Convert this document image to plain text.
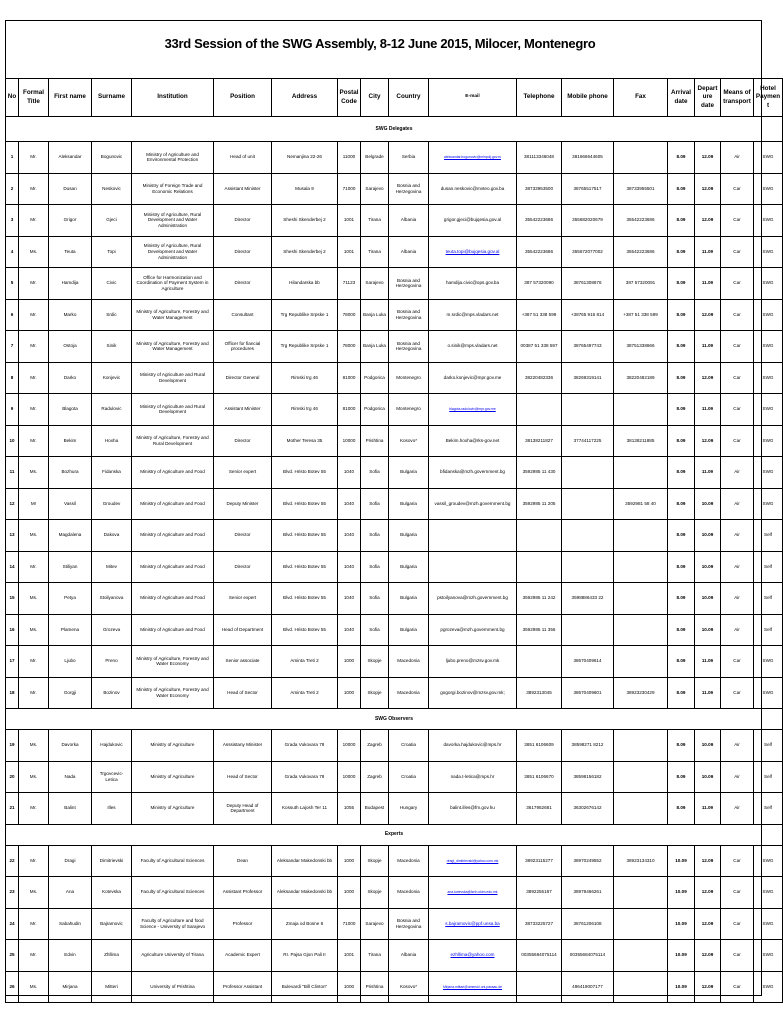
33rd Session of the SWG Assembly, 8-12 June 2015, Milocer, Montenegro
No	Formal Title	First name	Surname	Institution	Position	Address	Postal Code	City	Country	E-mail	Telephone	Mobile phone	Fax	Arrival date	Departure date	Means of transport	Hotel Payment
SWG Delegates																	
1	Mr.	Aleksandar	Bogunovic	Ministry of Agriculture and Environmental Protection	Head of unit	Nemanjina 22-26	11000	Belgrade	Serbia	aleksandar.bogunovic@minpolj.gov.rs	381113346048	381666644605		8.09	12.09	Air	SWG
2	Mr.	Dusan	Neskovic	Ministry of Foreign Trade and Economic Relations	Assistant Minister	Musala 9	71000	Sarajevo	Bosnia and Herzegovina	dusan.neskovic@mvteo.gov.ba	38733953500	38765517517	38733955501	8.09	12.09	Car	SWG
3	Mr.	Grigor	Gjeci	Ministry of Agriculture, Rural Development and Water Administration	Director	Sheshi Skenderbej 2	1001	Tirana	Albania	grigor.gjeci@bujqesia.gov.al	35542223686	355682020679	35542223686	8.09	12.09	Car	SWG
4	Ms.	Teuta	Topi	Ministry of Agriculture, Rural Development and Water Administration	Director	Sheshi Skenderbej 2	1001	Tirana	Albania	teuta.topi@bujqesia.gov.al	35542223686	355672077002	35542223686	8.09	11.09	Car	SWG
5	Mr.	Hamdija	Civic	Office for Harmonization and Coordination of Payment System in Agriculture	Director	Hilandarska bb	71123	Sarajevo	Bosnia and Herzegovina	hamdija.civic@ops.gov.ba	387 57320090	38761308676	387 57320091	8.09	11.09	Car	SWG
6	Mr.	Marko	Srdic	Ministry of Agriculture, Forestry and Water Management	Consultant	Trg Republike Srpske 1	78000	Banja Luka	Bosnia and Herzegovina	m.srdic@mps.vladars.net	+387 51 338 599	+38765 916 814	+387 51 338 599	8.09	12.09	Car	SWG
7	Mr.	Ostoja	Sinik	Ministry of Agriculture, Forestry and Water Management	Officer for fiancial procedures	Trg Republike Srpske 1	78000	Banja Luka	Bosnia and Herzegovina	o.sinik@mps.vladars.net	00387 51 338 597	38765497743	38751338666	8.09	11.09	Car	SWG
8	Mr.	Darko	Konjevic	Ministry of Agriculture and Rural Development	Director General	Rimski trg 46	81000	Podgorica	Montenegro	darko.konjevic@mpr.gov.me	38220482336	38269319141	38220482189	8.09	12.09	Car	SWG
9	Mr.	Blagota	Radulovic	Ministry of Agriculture and Rural Development	Assistant Minister	Rimski trg 46	81000	Podgorica	Montenegro	blagota.radulovic@mpr.gov.me				8.09	11.09	Car	SWG
10	Mr.	Bekim	Hoxha	Ministry of Agriculture, Forestry and Rural Development	Director	Mother Teresa 35	10000	Prishtina	Kosovo*	Bekim.hoxha@rks-gov.net	38138211827	37744117225	38138211885	8.09	12.09	Car	SWG
11	Ms.	Bozhura	Fidanska	Ministry of Agriculture and Food	Senior expert	Blvd. Hristo Botev 55	1040	Sofia	Bulgaria	bfidanska@mzh.government.bg	3592985 11 430			8.09	11.09	Air	SWG
12	Mr	Vassil	Groudev	Ministry of Agriculture and Food	Deputy Minister	Blvd. Hristo Botev 55	1040	Sofia	Bulgaria	vassil_groudev@mzh.government.bg	3592985 11 205		3592981 58 40	8.09	10.09	Air	SWG
13	Ms.	Magdalena	Dakova	Ministry of Agriculture and Food	Director	Blvd. Hristo Botev 55	1040	Sofia	Bulgaria					8.09	10.09	Air	Self
14	Mr.	Stiliyan	Mitev	Ministry of Agriculture and Food	Director	Blvd. Hristo Botev 55	1040	Sofia	Bulgaria					8.09	10.09	Air	Self
15	Ms.	Petya	Stoilyanova	Ministry of Agriculture and Food	Senior expert	Blvd. Hristo Botev 55	1040	Sofia	Bulgaria	pstoilyanova@mzh.government.bg	3592985 11 242	3598886433 22		8.09	10.09	Air	Self
16	Ms.	Plamena	Grozeva	Ministry of Agriculture and Food	Head of Department	Blvd. Hristo Botev 55	1040	Sofia	Bulgaria	pgrozeva@mzh.government.bg	3592985 11 356			8.09	10.09	Air	Self
17	Mr.	Ljubo	Preno	Ministry of Agriculture, Forestry and Water Economy	Senior associate	Aminta Treti 2	1000	Skopje	Macedonia	ljubo.preno@mzsv.gov.mk		38670409614		8.09	11.09	Car	SWG
18	Mr.	Gorgji	Bozinov	Ministry of Agriculture, Forestry and Water Economy	Head of Sector	Aminta Treti 2	1000	Skopje	Macedonia	gogorgi.bozinov@mzsv.gov.mk;	3892313045	38670409601	38923230429	8.09	11.09	Car	SWG
SWG Observers																	
19	Ms.	Davorka	Hajdukovic	Ministry of Agriculture	Asssistany Minister	Grada Vukovara 78	10000	Zagreb	Croatia	davorka.hajdukovic@mps.hr	3851 6106609	38598271 8212		8.09	10.09	Air	Self
20	Ms.	Nada	Trgovcevic- Letica	Ministry of Agriculture	Head of Sector	Grada Vukovara 78	10000	Zagreb	Croatia	nada.t-letica@mps.hr	3851 6106670	38598156182		8.09	10.09	Air	Self
21	Mr.	Balint	Illes	Ministry of Agriculture	Deputy Head of Department	Kossuth Lajosh Ter 11	1055	Budapest	Hungary	balint.illes@fm.gov.hu	3617952681	36302676142		8.09	11.09	Air	Self
Experts																	
22	Mr.	Dragi	Dimitrievski	Faculty of Agricultural Sciences	Dean	Aleksandar Makedonski bb	1000	Skopje	Macedonia	dragi_dimitrievski@yahoo.com.mk	38923115277	38970249552	38923134310	10.09	12.09	Car	SWG
23	Ms.	Ana	Kotevska	Faculty of Agricultural Sciences	Assistant Professor	Aleksandar Makedonski bb	1000	Skopje	Macedonia	ana.kotevska@fznh.ukim.edu.mk	3892255187	38978466261		10.09	12.09	Car	SWG
24	Mr.	Sabahudin	Bajramovic	Faculty of Agriculture and food Science - University of Sarajevo	Professor	Zmaja od Bosne 8	71000	Sarajevo	Bosnia and Herzegovina	s.bajramovic@ppf.unsa.ba	38733225727	38761206108		10.09	12.09	Car	SWG
25	Mr.	Edvin	Zhllima	Agriculture University of Tirana	Academic Expert	Rr. Pajsa Gjon Pali II	1001	Tirana	Albania	ezhllima@yahoo.com	00355684075114	00355684075114		10.09	12.09	Car	SWG
26	Ms.	Mirjana	Mitteri	University of Prishtina	Professor Assistant	Bulevardi "Bill Clinton"	1000	Prishtina	Kosovo*	Mirjana.mittari@umeruki.uni-passau.de		496419007177		10.09	12.09	Car	SWG
